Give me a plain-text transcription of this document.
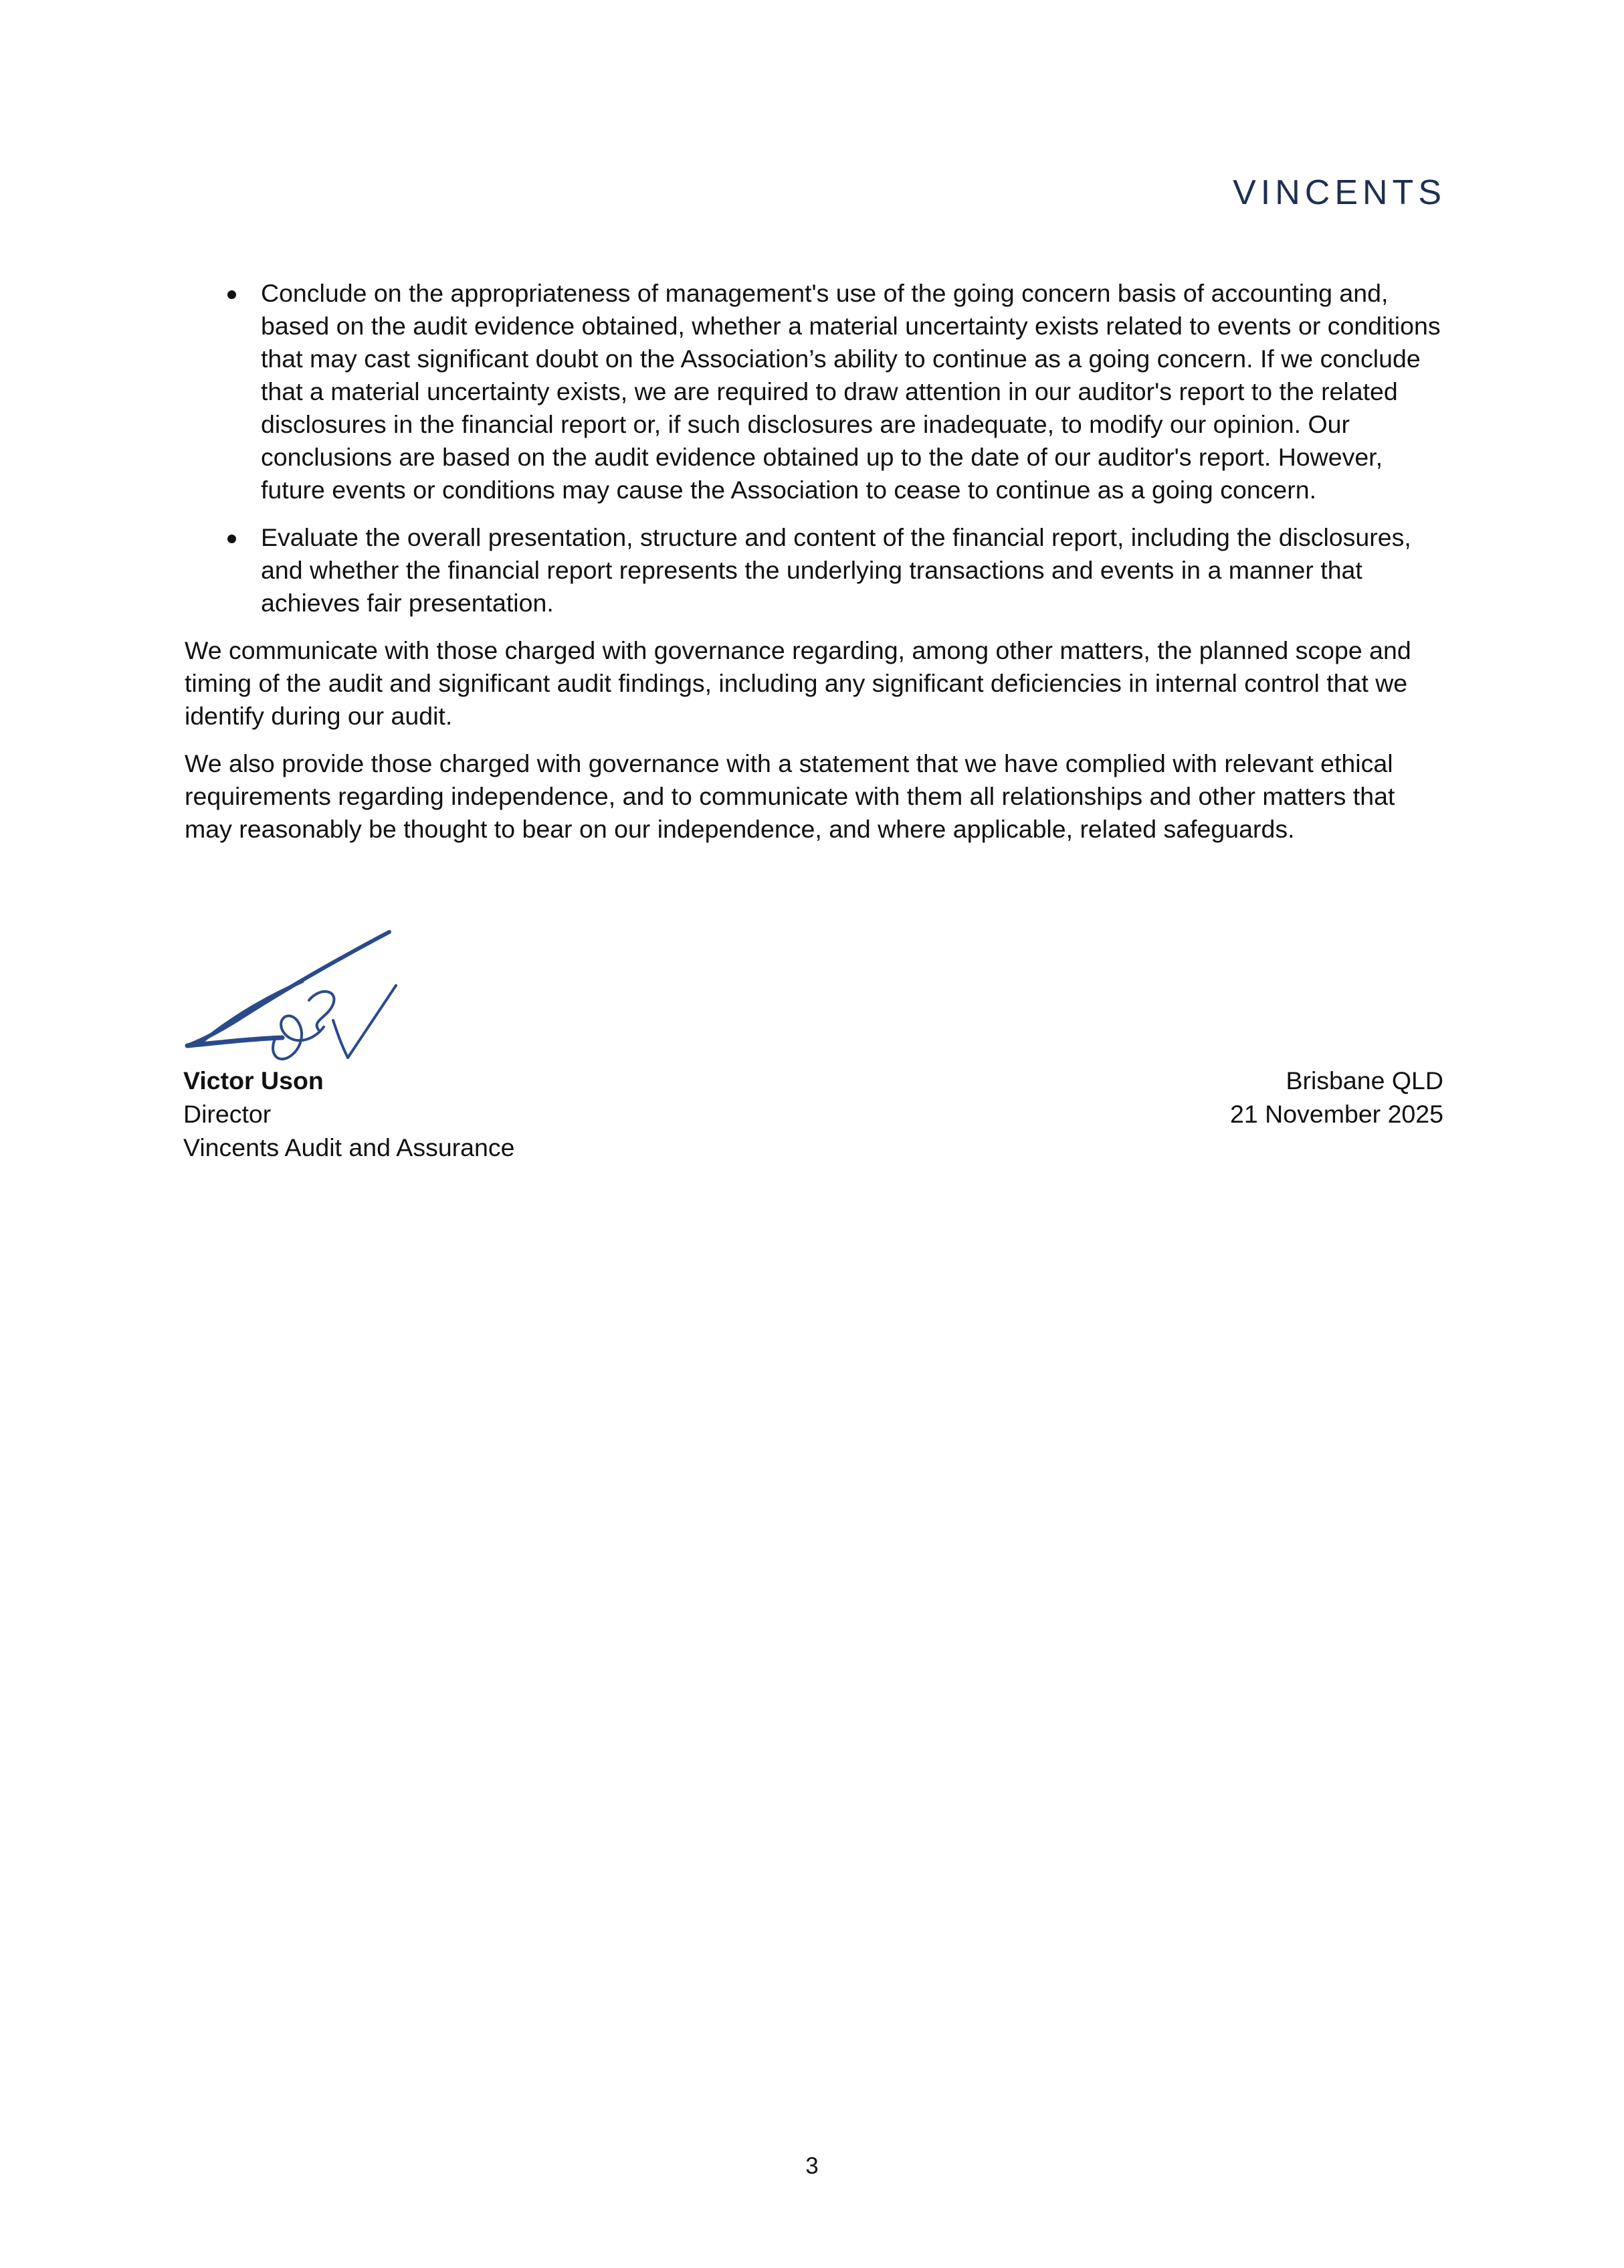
VINCENTS
Conclude on the appropriateness of management's use of the going concern basis of accounting and, based on the audit evidence obtained, whether a material uncertainty exists related to events or conditions that may cast significant doubt on the Association’s ability to continue as a going concern. If we conclude that a material uncertainty exists, we are required to draw attention in our auditor's report to the related disclosures in the financial report or, if such disclosures are inadequate, to modify our opinion. Our conclusions are based on the audit evidence obtained up to the date of our auditor's report. However, future events or conditions may cause the Association to cease to continue as a going concern.
Evaluate the overall presentation, structure and content of the financial report, including the disclosures, and whether the financial report represents the underlying transactions and events in a manner that achieves fair presentation.

We communicate with those charged with governance regarding, among other matters, the planned scope and timing of the audit and significant audit findings, including any significant deficiencies in internal control that we identify during our audit.

We also provide those charged with governance with a statement that we have complied with relevant ethical requirements regarding independence, and to communicate with them all relationships and other matters that may reasonably be thought to bear on our independence, and where applicable, related safeguards.

Victor Uson
Director
Vincents Audit and Assurance
Brisbane QLD
21 November 2025
3
